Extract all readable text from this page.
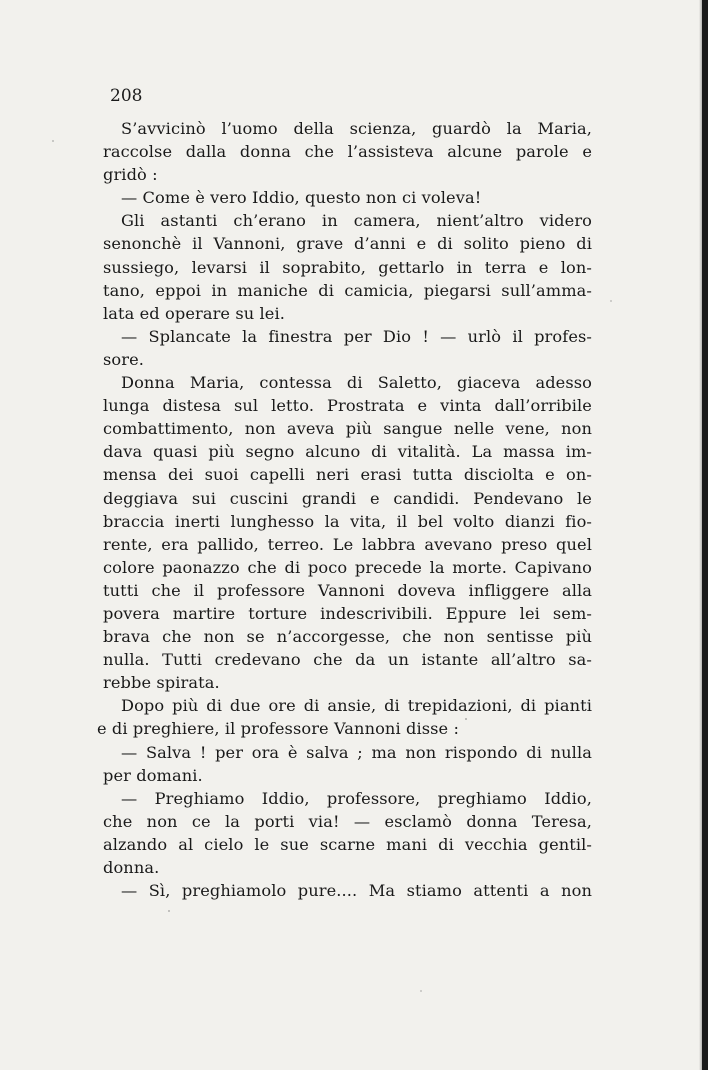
208
S’avvicinò l’uomo della scienza, guardò la Maria,
raccolse dalla donna che l’assisteva alcune parole e
gridò :
— Come è vero Iddio, questo non ci voleva!
Gli astanti ch’erano in camera, nient’altro videro
senonchè il Vannoni, grave d’anni e di solito pieno di
sussiego, levarsi il soprabito, gettarlo in terra e lon-
tano, eppoi in maniche di camicia, piegarsi sull’amma-
lata ed operare su lei.
— Splancate la finestra per Dio ! — urlò il profes-
sore.
Donna Maria, contessa di Saletto, giaceva adesso
lunga distesa sul letto. Prostrata e vinta dall’orribile
combattimento, non aveva più sangue nelle vene, non
dava quasi più segno alcuno di vitalità. La massa im-
mensa dei suoi capelli neri erasi tutta disciolta e on-
deggiava sui cuscini grandi e candidi. Pendevano le
braccia inerti lunghesso la vita, il bel volto dianzi fio-
rente, era pallido, terreo. Le labbra avevano preso quel
colore paonazzo che di poco precede la morte. Capivano
tutti che il professore Vannoni doveva infliggere alla
povera martire torture indescrivibili. Eppure lei sem-
brava che non se n’accorgesse, che non sentisse più
nulla. Tutti credevano che da un istante all’altro sa-
rebbe spirata.
Dopo più di due ore di ansie, di trepidazioni, di pianti
e di preghiere, il professore Vannoni disse :
— Salva ! per ora è salva ; ma non rispondo di nulla
per domani.
— Preghiamo Iddio, professore, preghiamo Iddio,
che non ce la porti via! — esclamò donna Teresa,
alzando al cielo le sue scarne mani di vecchia gentil-
donna.
— Sì, preghiamolo pure.... Ma stiamo attenti a non
